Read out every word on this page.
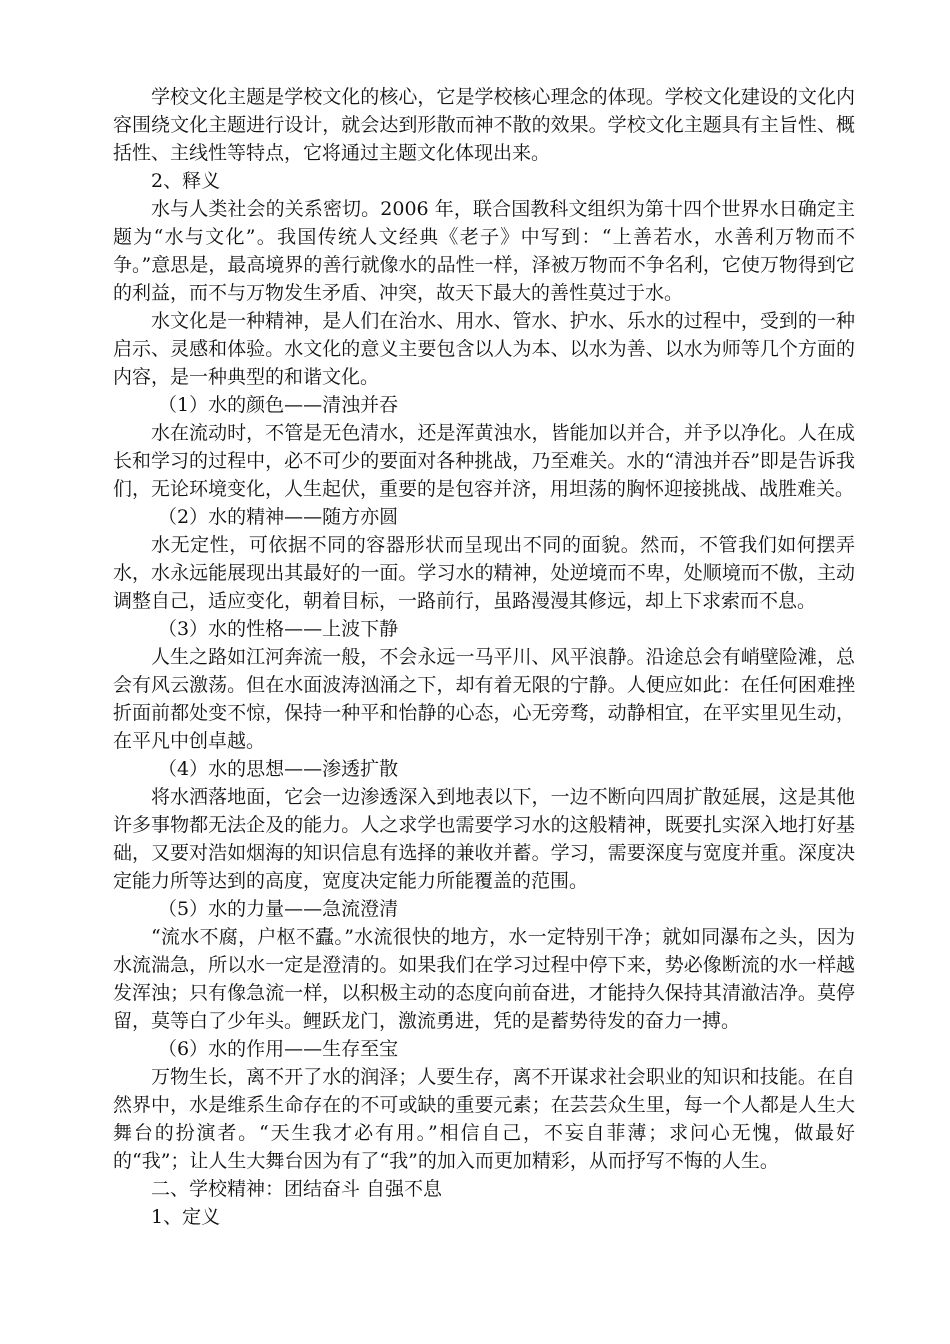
学校文化主题是学校文化的核心，它是学校核心理念的体现。学校文化建设的文化内容围绕文化主题进行设计，就会达到形散而神不散的效果。学校文化主题具有主旨性、概括性、主线性等特点，它将通过主题文化体现出来。

2、释义

水与人类社会的关系密切。2006 年，联合国教科文组织为第十四个世界水日确定主题为“水与文化”。我国传统人文经典《老子》中写到：“上善若水，水善利万物而不争。”意思是，最高境界的善行就像水的品性一样，泽被万物而不争名利，它使万物得到它的利益，而不与万物发生矛盾、冲突，故天下最大的善性莫过于水。

水文化是一种精神，是人们在治水、用水、管水、护水、乐水的过程中，受到的一种启示、灵感和体验。水文化的意义主要包含以人为本、以水为善、以水为师等几个方面的内容，是一种典型的和谐文化。

（1）水的颜色——清浊并吞

水在流动时，不管是无色清水，还是浑黄浊水，皆能加以并合，并予以净化。人在成长和学习的过程中，必不可少的要面对各种挑战，乃至难关。水的“清浊并吞”即是告诉我们，无论环境变化，人生起伏，重要的是包容并济，用坦荡的胸怀迎接挑战、战胜难关。

（2）水的精神——随方亦圆

水无定性，可依据不同的容器形状而呈现出不同的面貌。然而，不管我们如何摆弄水，水永远能展现出其最好的一面。学习水的精神，处逆境而不卑，处顺境而不傲，主动调整自己，适应变化，朝着目标，一路前行，虽路漫漫其修远，却上下求索而不息。

（3）水的性格——上波下静

人生之路如江河奔流一般，不会永远一马平川、风平浪静。沿途总会有峭壁险滩，总会有风云激荡。但在水面波涛汹涌之下，却有着无限的宁静。人便应如此：在任何困难挫折面前都处变不惊，保持一种平和怡静的心态，心无旁骛，动静相宜，在平实里见生动，在平凡中创卓越。

（4）水的思想——渗透扩散

将水洒落地面，它会一边渗透深入到地表以下，一边不断向四周扩散延展，这是其他许多事物都无法企及的能力。人之求学也需要学习水的这般精神，既要扎实深入地打好基础，又要对浩如烟海的知识信息有选择的兼收并蓄。学习，需要深度与宽度并重。深度决定能力所等达到的高度，宽度决定能力所能覆盖的范围。

（5）水的力量——急流澄清

“流水不腐，户枢不蠹。”水流很快的地方，水一定特别干净；就如同瀑布之头，因为水流湍急，所以水一定是澄清的。如果我们在学习过程中停下来，势必像断流的水一样越发浑浊；只有像急流一样，以积极主动的态度向前奋进，才能持久保持其清澈洁净。莫停留，莫等白了少年头。鲤跃龙门，激流勇进，凭的是蓄势待发的奋力一搏。

（6）水的作用——生存至宝

万物生长，离不开了水的润泽；人要生存，离不开谋求社会职业的知识和技能。在自然界中，水是维系生命存在的不可或缺的重要元素；在芸芸众生里，每一个人都是人生大舞台的扮演者。“天生我才必有用。”相信自己，不妄自菲薄；求问心无愧，做最好的“我”；让人生大舞台因为有了“我”的加入而更加精彩，从而抒写不悔的人生。

二、学校精神：团结奋斗 自强不息

1、定义
